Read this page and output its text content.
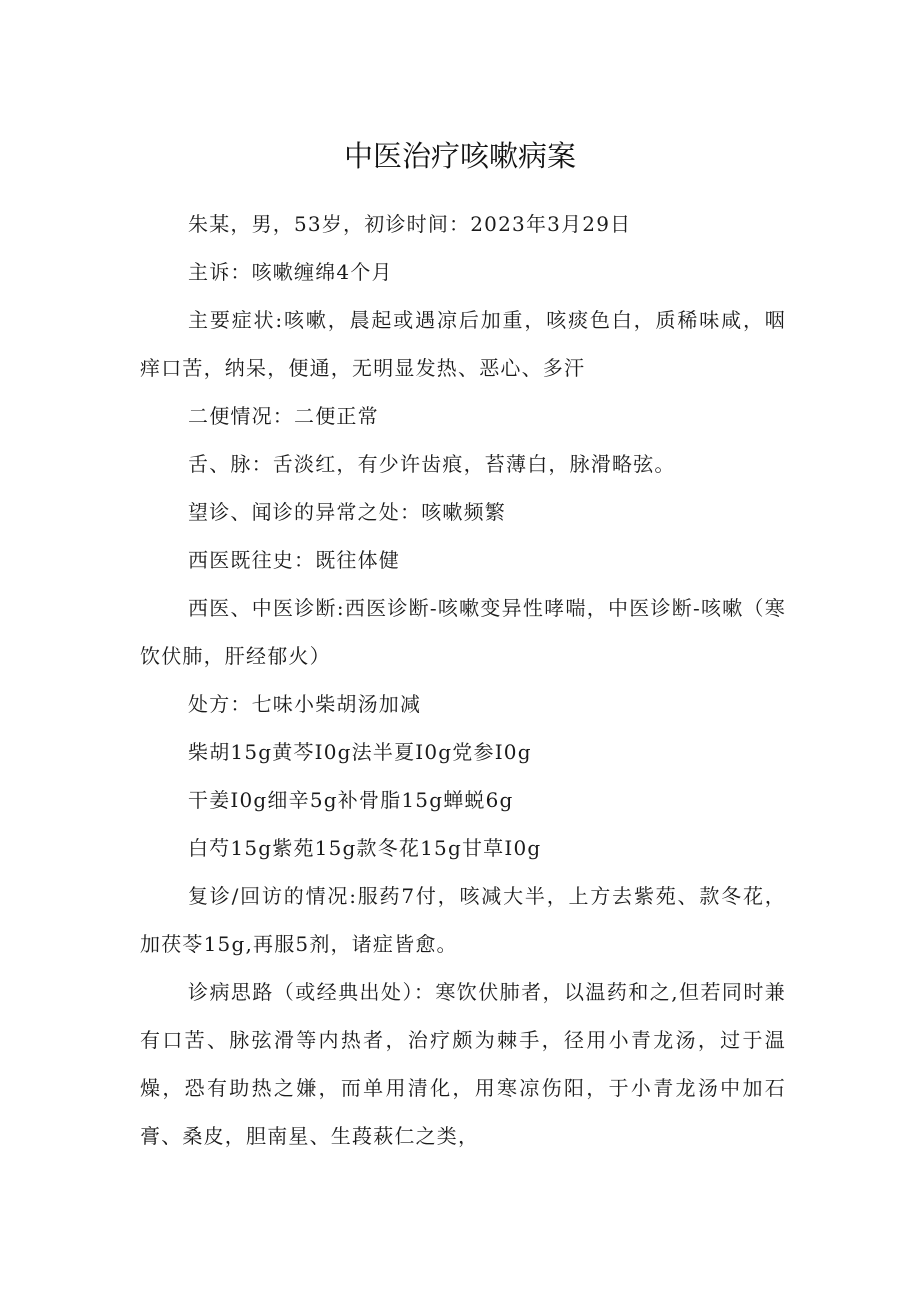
中医治疗咳嗽病案

朱某，男，53岁，初诊时间：2023年3月29日

主诉：咳嗽缠绵4个月

主要症状:咳嗽，晨起或遇凉后加重，咳痰色白，质稀味咸，咽痒口苦，纳呆，便通，无明显发热、恶心、多汗

二便情况：二便正常

舌、脉：舌淡红，有少许齿痕，苔薄白，脉滑略弦。

望诊、闻诊的异常之处：咳嗽频繁

西医既往史：既往体健

西医、中医诊断:西医诊断-咳嗽变异性哮喘，中医诊断-咳嗽（寒饮伏肺，肝经郁火）

处方：七味小柴胡汤加减

柴胡15g黄芩I0g法半夏I0g党参I0g

干姜I0g细辛5g补骨脂15g蝉蜕6g

白芍15g紫苑15g款冬花15g甘草I0g

复诊/回访的情况:服药7付，咳减大半，上方去紫苑、款冬花，加茯苓15g,再服5剂，诸症皆愈。

诊病思路（或经典出处）：寒饮伏肺者，以温药和之,但若同时兼有口苦、脉弦滑等内热者，治疗颇为棘手，径用小青龙汤，过于温燥，恐有助热之嫌，而单用清化，用寒凉伤阳，于小青龙汤中加石膏、桑皮，胆南星、生葮萩仁之类，
